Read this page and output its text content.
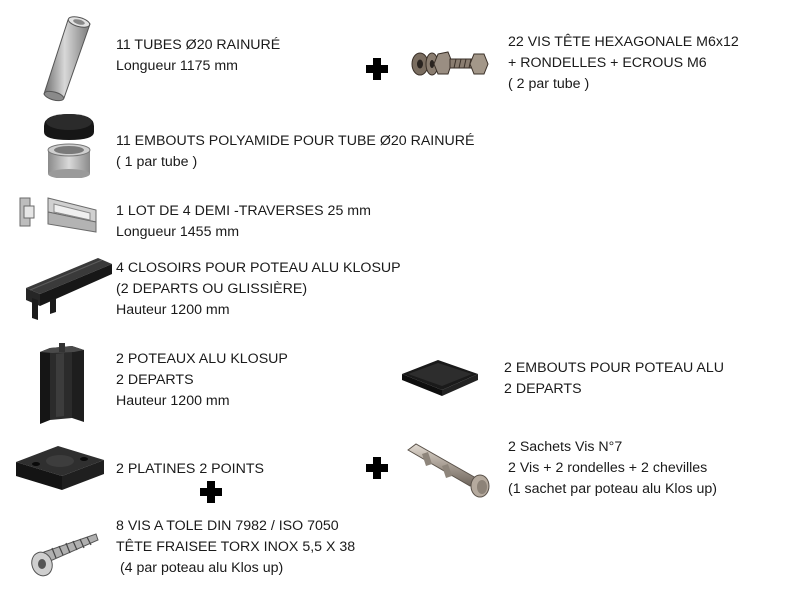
11 TUBES Ø20 RAINURÉ
Longueur 1175 mm
22 VIS TÊTE HEXAGONALE M6x12
+ RONDELLES + ECROUS M6
( 2 par tube )
11 EMBOUTS POLYAMIDE POUR TUBE Ø20 RAINURÉ
( 1 par tube )
1 LOT DE 4 DEMI -TRAVERSES 25 mm
Longueur 1455 mm
4 CLOSOIRS POUR POTEAU ALU KLOSUP
(2 DEPARTS OU GLISSIÈRE)
Hauteur 1200 mm
2 POTEAUX ALU KLOSUP
2 DEPARTS
Hauteur 1200 mm
2 EMBOUTS POUR POTEAU ALU
2 DEPARTS
2 PLATINES 2 POINTS
2 Sachets Vis N°7
2 Vis + 2 rondelles + 2 chevilles
(1 sachet par poteau alu Klos up)
8 VIS A TOLE DIN 7982 / ISO 7050
TÊTE FRAISEE TORX INOX 5,5 X 38
(4 par poteau alu Klos up)
